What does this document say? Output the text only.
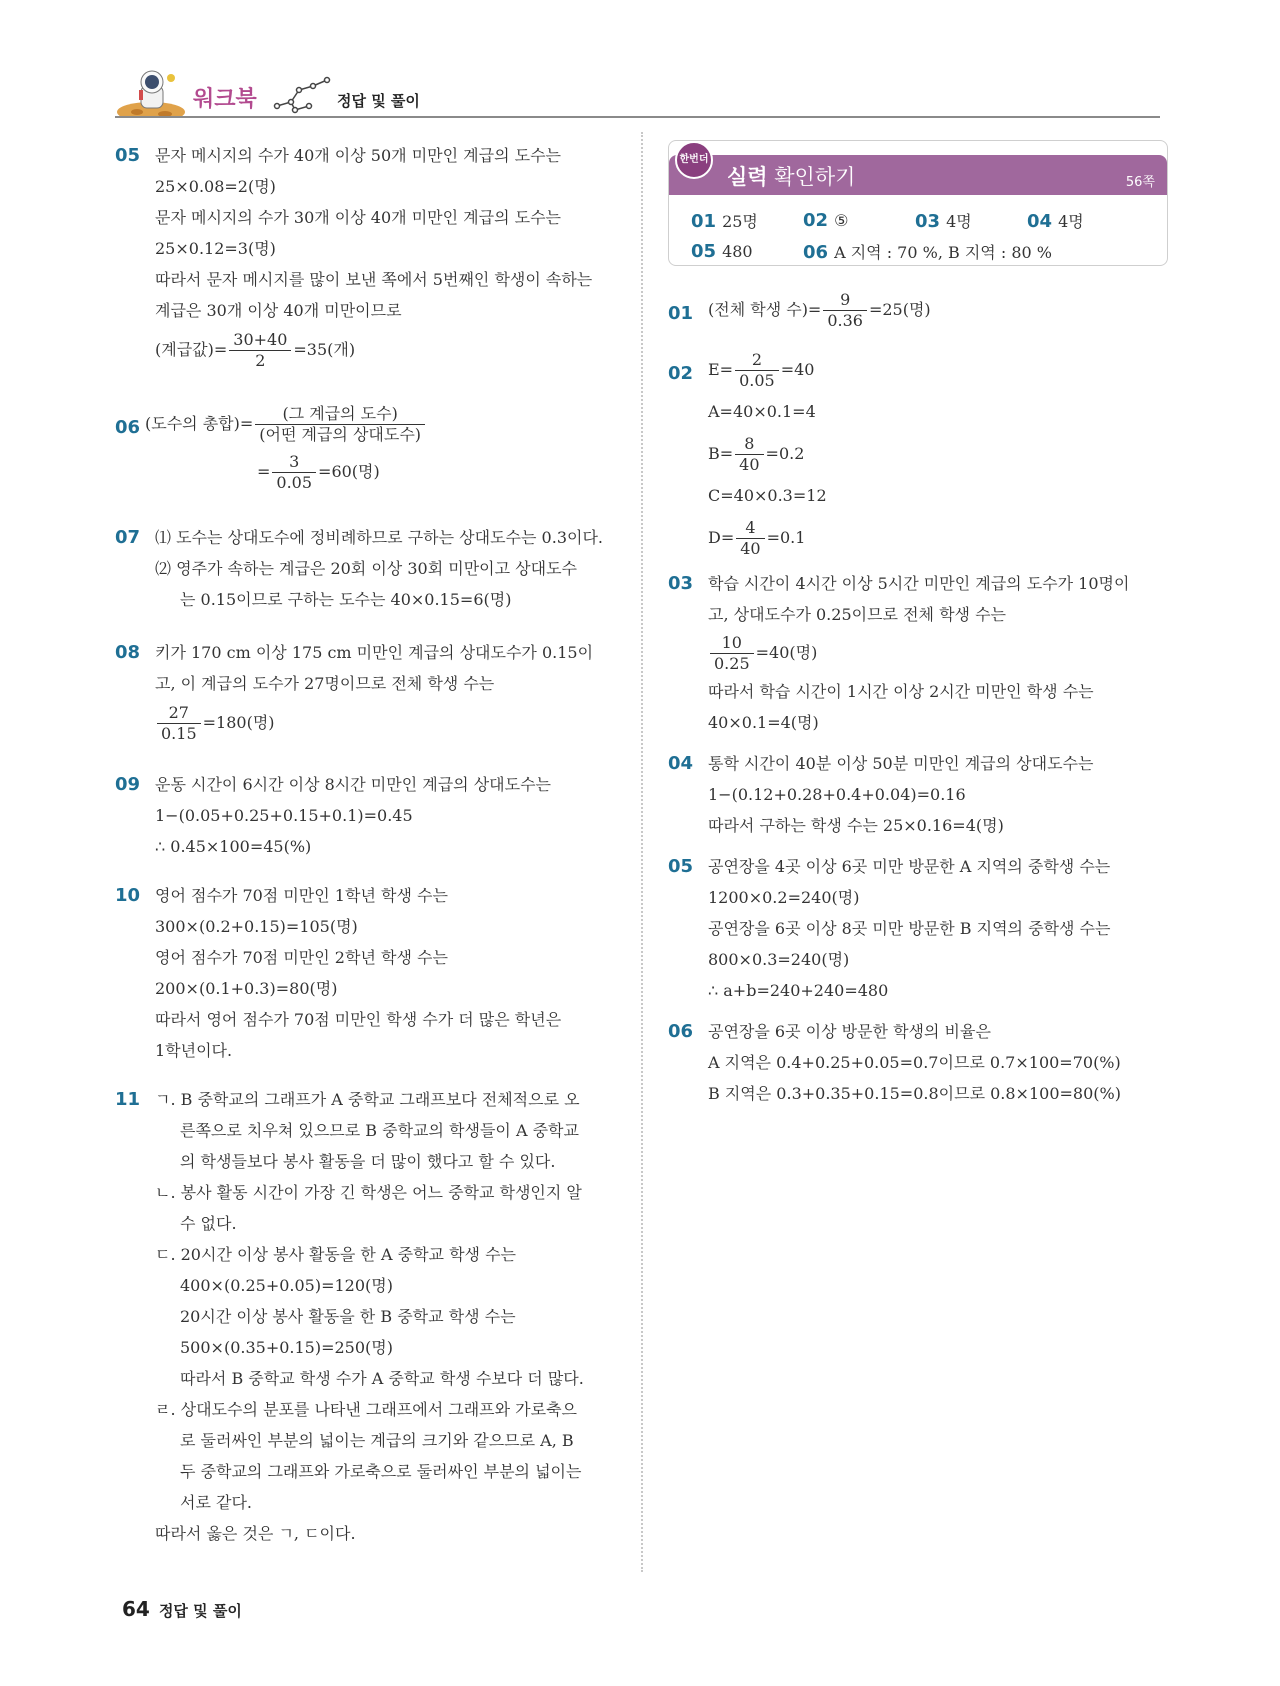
워크북	정답 및 풀이
05 문자 메시지의 수가 40개 이상 50개 미만인 계급의 도수는
25×0.08=2(명)
문자 메시지의 수가 30개 이상 40개 미만인 계급의 도수는
25×0.12=3(명)
따라서 문자 메시지를 많이 보낸 쪽에서 5번째인 학생이 속하는
계급은 30개 이상 40개 미만이므로
(계급값)= $\frac{30+40}{2} =35$(개)
06 (도수의 총합)= $\frac{\text{(그 계급의 도수)}}{\text{(어떤 계급의 상대도수)}}$
= $\frac{3}{0.05} =60$(명)
07 ⑴ 도수는 상대도수에 정비례하므로 구하는 상대도수는 0.3이다.
⑵ 영주가 속하는 계급은 20회 이상 30회 미만이고 상대도수
는 0.15이므로 구하는 도수는 40×0.15=6(명)
08 키가 170 cm 이상 175 cm 미만인 계급의 상대도수가 0.15이
고, 이 계급의 도수가 27명이므로 전체 학생 수는
$\frac{27}{0.15} =180$(명)
09 운동 시간이 6시간 이상 8시간 미만인 계급의 상대도수는
1−(0.05+0.25+0.15+0.1)=0.45
∴ 0.45×100=45(%)
10 영어 점수가 70점 미만인 1학년 학생 수는
300×(0.2+0.15)=105(명)
영어 점수가 70점 미만인 2학년 학생 수는
200×(0.1+0.3)=80(명)
따라서 영어 점수가 70점 미만인 학생 수가 더 많은 학년은
1학년이다.
11 ㄱ. B 중학교의 그래프가 A 중학교 그래프보다 전체적으로 오
른쪽으로 치우쳐 있으므로 B 중학교의 학생들이 A 중학교
의 학생들보다 봉사 활동을 더 많이 했다고 할 수 있다.
ㄴ. 봉사 활동 시간이 가장 긴 학생은 어느 중학교 학생인지 알
수 없다.
ㄷ. 20시간 이상 봉사 활동을 한 A 중학교 학생 수는
400×(0.25+0.05)=120(명)
20시간 이상 봉사 활동을 한 B 중학교 학생 수는
500×(0.35+0.15)=250(명)
따라서 B 중학교 학생 수가 A 중학교 학생 수보다 더 많다.
ㄹ. 상대도수의 분포를 나타낸 그래프에서 그래프와 가로축으
로 둘러싸인 부분의 넓이는 계급의 크기와 같으므로 A, B
두 중학교의 그래프와 가로축으로 둘러싸인 부분의 넓이는
서로 같다.
따라서 옳은 것은 ㄱ, ㄷ이다.
한번더
실력 확인하기	56쪽
01 25명	02 ⑤	03 4명	04 4명
05 480	06 A 지역 : 70 %, B 지역 : 80 %
01 (전체 학생 수)= $\frac{9}{0.36} =25$(명)
02 $E= \frac{2}{0.05} =40$
A=40×0.1=4
$B= \frac{8}{40} =0.2$
C=40×0.3=12
$D= \frac{4}{40} =0.1$
03 학습 시간이 4시간 이상 5시간 미만인 계급의 도수가 10명이
고, 상대도수가 0.25이므로 전체 학생 수는
$\frac{10}{0.25} =40$(명)
따라서 학습 시간이 1시간 이상 2시간 미만인 학생 수는
40×0.1=4(명)
04 통학 시간이 40분 이상 50분 미만인 계급의 상대도수는
1−(0.12+0.28+0.4+0.04)=0.16
따라서 구하는 학생 수는 25×0.16=4(명)
05 공연장을 4곳 이상 6곳 미만 방문한 A 지역의 중학생 수는
1200×0.2=240(명)
공연장을 6곳 이상 8곳 미만 방문한 B 지역의 중학생 수는
800×0.3=240(명)
∴ a+b=240+240=480
06 공연장을 6곳 이상 방문한 학생의 비율은
A 지역은 0.4+0.25+0.05=0.7이므로 0.7×100=70(%)
B 지역은 0.3+0.35+0.15=0.8이므로 0.8×100=80(%)
64 정답 및 풀이
